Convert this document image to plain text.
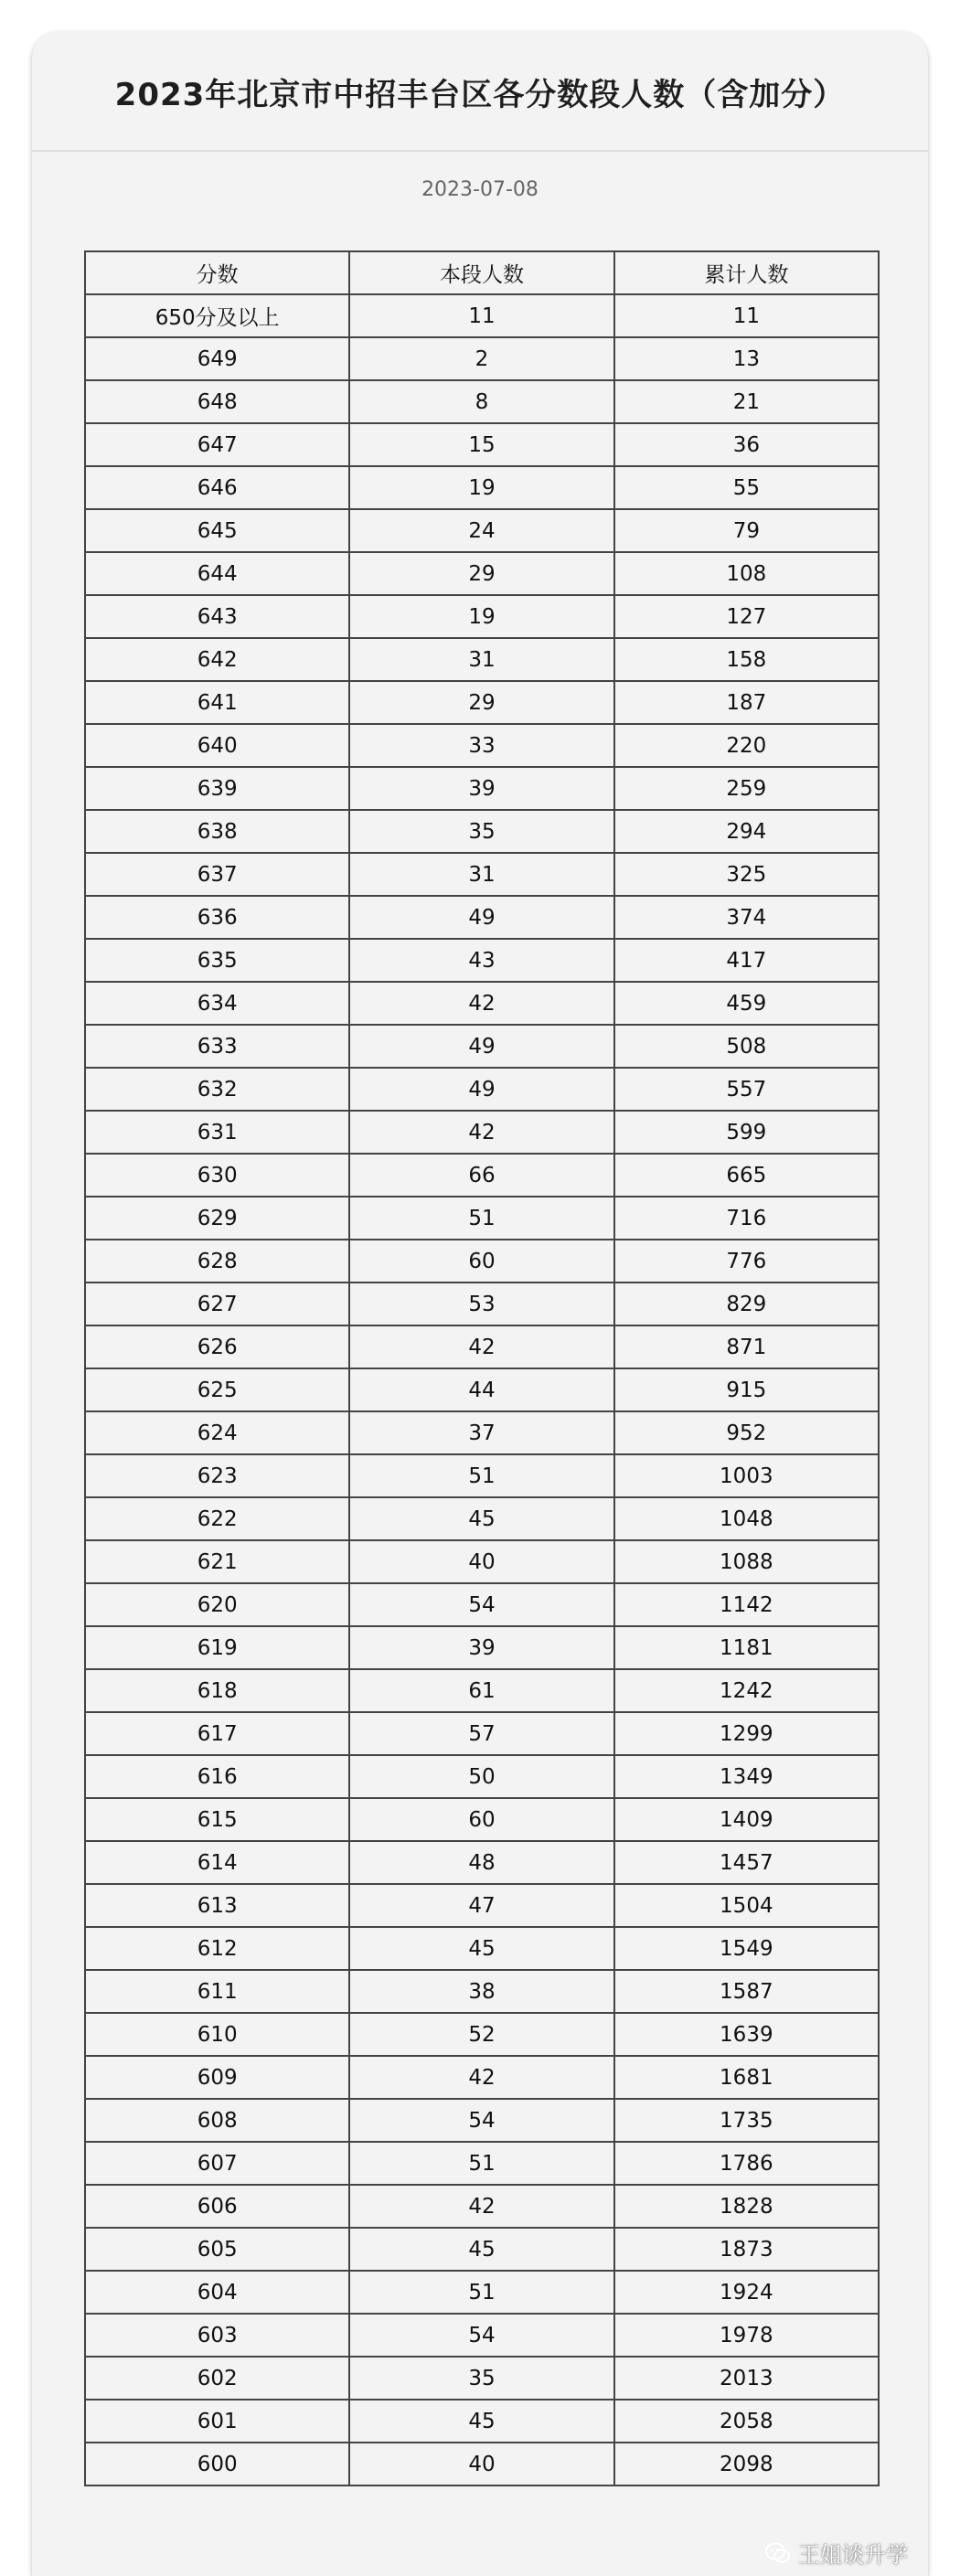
2023年北京市中招丰台区各分数段人数（含加分）
2023-07-08
分数	本段人数	累计人数
650分及以上	11	11
649	2	13
648	8	21
647	15	36
646	19	55
645	24	79
644	29	108
643	19	127
642	31	158
641	29	187
640	33	220
639	39	259
638	35	294
637	31	325
636	49	374
635	43	417
634	42	459
633	49	508
632	49	557
631	42	599
630	66	665
629	51	716
628	60	776
627	53	829
626	42	871
625	44	915
624	37	952
623	51	1003
622	45	1048
621	40	1088
620	54	1142
619	39	1181
618	61	1242
617	57	1299
616	50	1349
615	60	1409
614	48	1457
613	47	1504
612	45	1549
611	38	1587
610	52	1639
609	42	1681
608	54	1735
607	51	1786
606	42	1828
605	45	1873
604	51	1924
603	54	1978
602	35	2013
601	45	2058
600	40	2098
王姐谈升学
